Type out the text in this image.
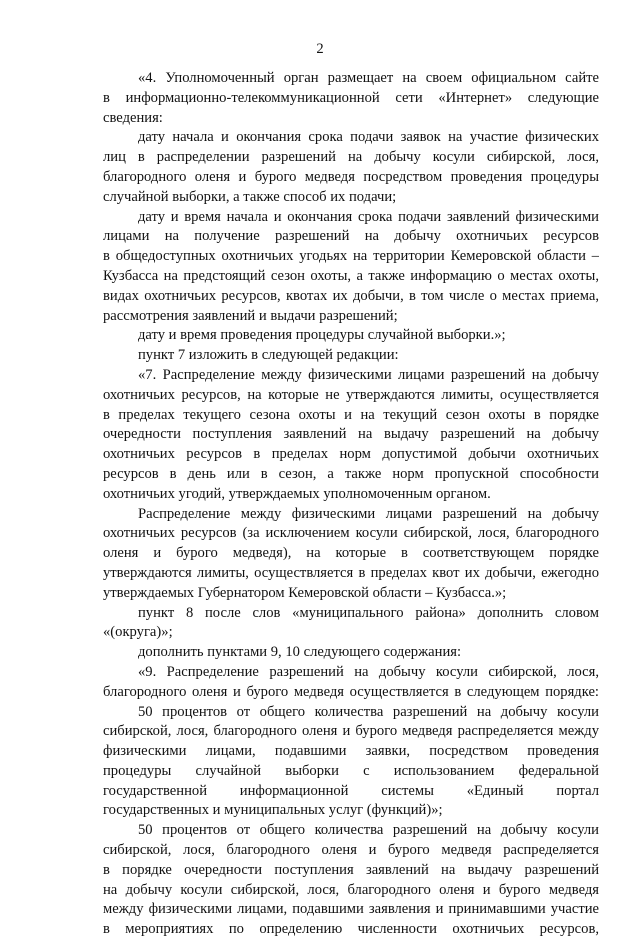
2
«4. Уполномоченный орган размещает на своем официальном сайте
в информационно-телекоммуникационной сети «Интернет» следующие
сведения:
дату начала и окончания срока подачи заявок на участие физических
лиц в распределении разрешений на добычу косули сибирской, лося,
благородного оленя и бурого медведя посредством проведения процедуры
случайной выборки, а также способ их подачи;
дату и время начала и окончания срока подачи заявлений физическими
лицами на получение разрешений на добычу охотничьих ресурсов
в общедоступных охотничьих угодьях на территории Кемеровской области –
Кузбасса на предстоящий сезон охоты, а также информацию о местах охоты,
видах охотничьих ресурсов, квотах их добычи, в том числе о местах приема,
рассмотрения заявлений и выдачи разрешений;
дату и время проведения процедуры случайной выборки.»;
пункт 7 изложить в следующей редакции:
«7. Распределение между физическими лицами разрешений на добычу
охотничьих ресурсов, на которые не утверждаются лимиты, осуществляется
в пределах текущего сезона охоты и на текущий сезон охоты в порядке
очередности поступления заявлений на выдачу разрешений на добычу
охотничьих ресурсов в пределах норм допустимой добычи охотничьих
ресурсов в день или в сезон, а также норм пропускной способности
охотничьих угодий, утверждаемых уполномоченным органом.
Распределение между физическими лицами разрешений на добычу
охотничьих ресурсов (за исключением косули сибирской, лося, благородного
оленя и бурого медведя), на которые в соответствующем порядке
утверждаются лимиты, осуществляется в пределах квот их добычи, ежегодно
утверждаемых Губернатором Кемеровской области – Кузбасса.»;
пункт 8 после слов «муниципального района» дополнить словом
«(округа)»;
дополнить пунктами 9, 10 следующего содержания:
«9. Распределение разрешений на добычу косули сибирской, лося,
благородного оленя и бурого медведя осуществляется в следующем порядке:
50 процентов от общего количества разрешений на добычу косули
сибирской, лося, благородного оленя и бурого медведя распределяется между
физическими лицами, подавшими заявки, посредством проведения
процедуры случайной выборки с использованием федеральной
государственной информационной системы «Единый портал
государственных и муниципальных услуг (функций)»;
50 процентов от общего количества разрешений на добычу косули
сибирской, лося, благородного оленя и бурого медведя распределяется
в порядке очередности поступления заявлений на выдачу разрешений
на добычу косули сибирской, лося, благородного оленя и бурого медведя
между физическими лицами, подавшими заявления и принимавшими участие
в мероприятиях по определению численности охотничьих ресурсов,
